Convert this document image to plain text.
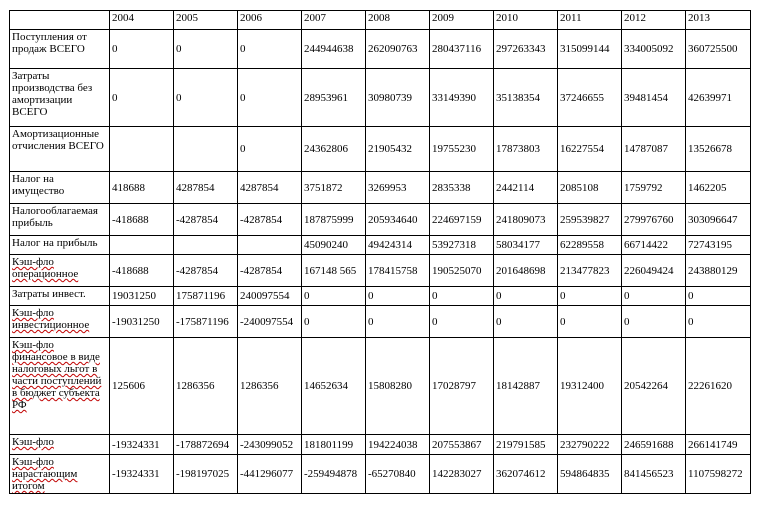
	2004	2005	2006	2007	2008	2009	2010	2011	2012	2013
Поступления от продаж ВСЕГО	0	0	0	244944638	262090763	280437116	297263343	315099144	334005092	360725500
Затраты производства без амортизации ВСЕГО	0	0	0	28953961	30980739	33149390	35138354	37246655	39481454	42639971
Амортизационные отчисления ВСЕГО			0	24362806	21905432	19755230	17873803	16227554	14787087	13526678
Налог на имущество	418688	4287854	4287854	3751872	3269953	2835338	2442114	2085108	1759792	1462205
Налогооблагаемая прибыль	-418688	-4287854	-4287854	187875999	205934640	224697159	241809073	259539827	279976760	303096647
Налог на прибыль				45090240	49424314	53927318	58034177	62289558	66714422	72743195
Кэш-фло операционное	-418688	-4287854	-4287854	167148 565	178415758	190525070	201648698	213477823	226049424	243880129
Затраты инвест.	19031250	175871196	240097554	0	0	0	0	0	0	0
Кэш-фло инвестиционное	-19031250	-175871196	-240097554	0	0	0	0	0	0	0
Кэш-фло финансовое в виде налоговых льгот в части поступлений в бюджет субъекта РФ	125606	1286356	1286356	14652634	15808280	17028797	18142887	19312400	20542264	22261620
Кэш-фло	-19324331	-178872694	-243099052	181801199	194224038	207553867	219791585	232790222	246591688	266141749
Кэш-фло нарастающим итогом	-19324331	-198197025	-441296077	-259494878	-65270840	142283027	362074612	594864835	841456523	1107598272
